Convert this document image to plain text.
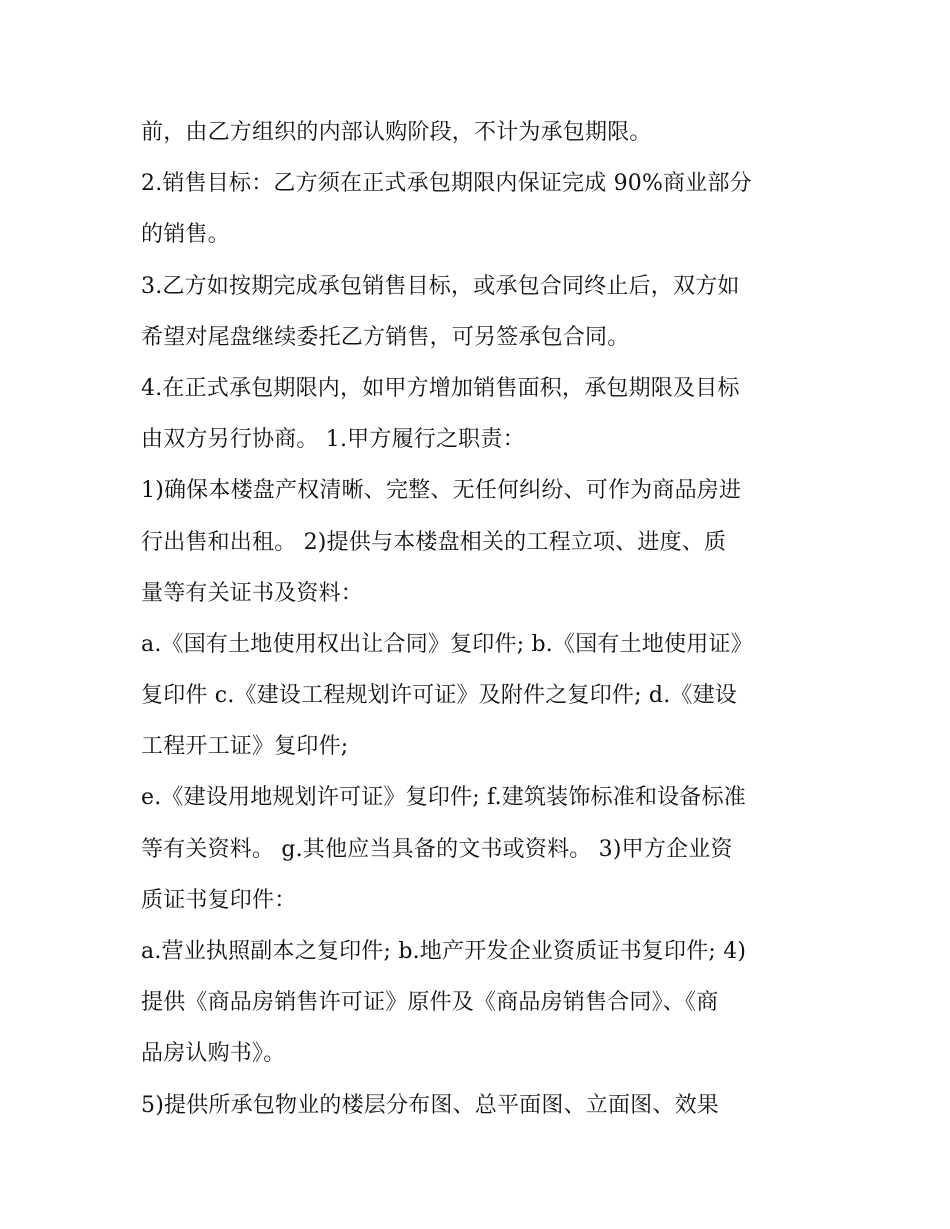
前，由乙方组织的内部认购阶段，不计为承包期限。
2.销售目标：乙方须在正式承包期限内保证完成 90%商业部分
的销售。
3.乙方如按期完成承包销售目标，或承包合同终止后，双方如
希望对尾盘继续委托乙方销售，可另签承包合同。
4.在正式承包期限内，如甲方增加销售面积，承包期限及目标
由双方另行协商。 1.甲方履行之职责：
1)确保本楼盘产权清晰、完整、无任何纠纷、可作为商品房进
行出售和出租。 2)提供与本楼盘相关的工程立项、进度、质
量等有关证书及资料：
a.《国有土地使用权出让合同》复印件; b.《国有土地使用证》
复印件 c.《建设工程规划许可证》及附件之复印件; d.《建设
工程开工证》复印件;
e.《建设用地规划许可证》复印件; f.建筑装饰标准和设备标准
等有关资料。 g.其他应当具备的文书或资料。 3)甲方企业资
质证书复印件：
a.营业执照副本之复印件; b.地产开发企业资质证书复印件; 4)
提供《商品房销售许可证》原件及《商品房销售合同》、《商
品房认购书》。
5)提供所承包物业的楼层分布图、总平面图、立面图、效果
